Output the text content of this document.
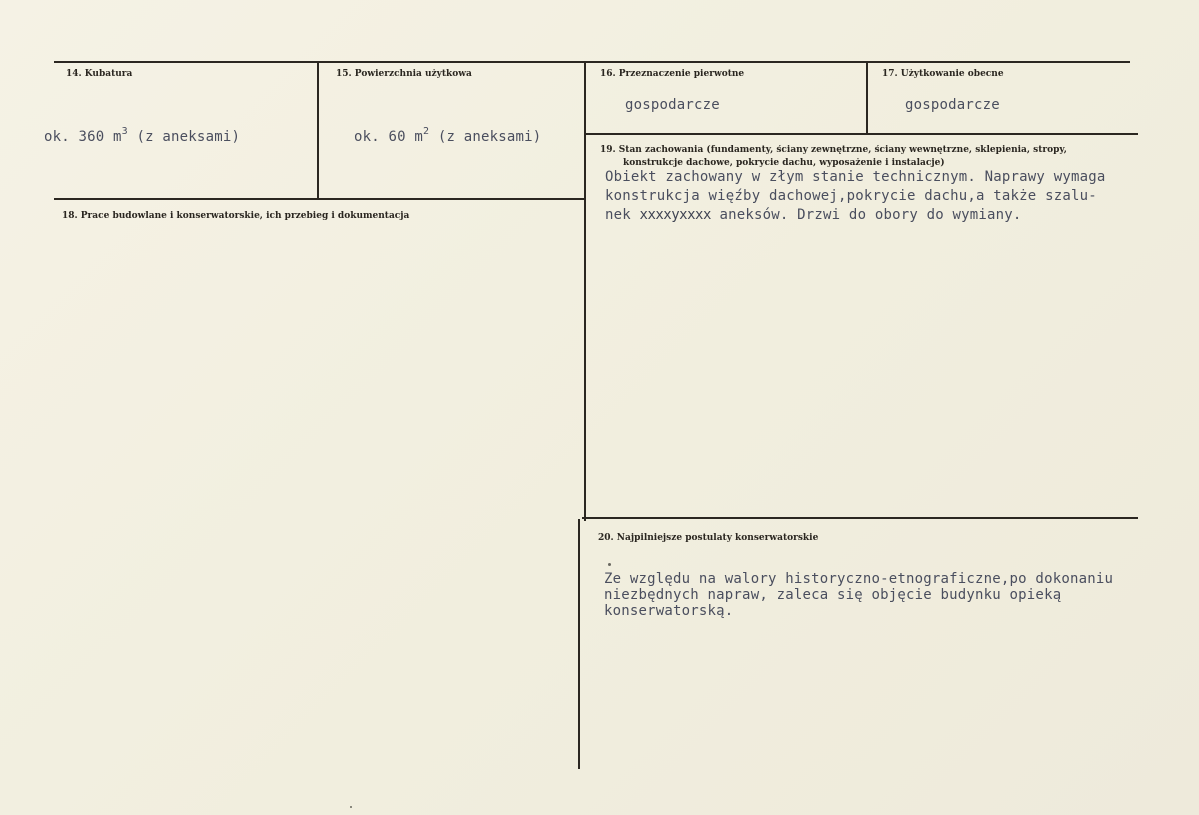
14. Kubatura
ok. 360 $m^3$ (z aneksami)
15. Powierzchnia użytkowa
ok. 60 $m^2$ (z aneksami)
16. Przeznaczenie pierwotne
gospodarcze
17. Użytkowanie obecne
gospodarcze
18. Prace budowlane i konserwatorskie, ich przebieg i dokumentacja
19. Stan zachowania (fundamenty, ściany zewnętrzne, ściany wewnętrzne, sklepienia, stropy,
konstrukcje dachowe, pokrycie dachu, wyposażenie i instalacje)
Obiekt zachowany w złym stanie technicznym. Naprawy wymaga
konstrukcja więźby dachowej,pokrycie dachu,a także szalu-
nek xxxxyxxxx aneksów. Drzwi do obory do wymiany.
20. Najpilniejsze postulaty konserwatorskie
Ze względu na walory historyczno-etnograficzne,po dokonaniu
niezbędnych napraw, zaleca się objęcie budynku opieką
konserwatorską.
